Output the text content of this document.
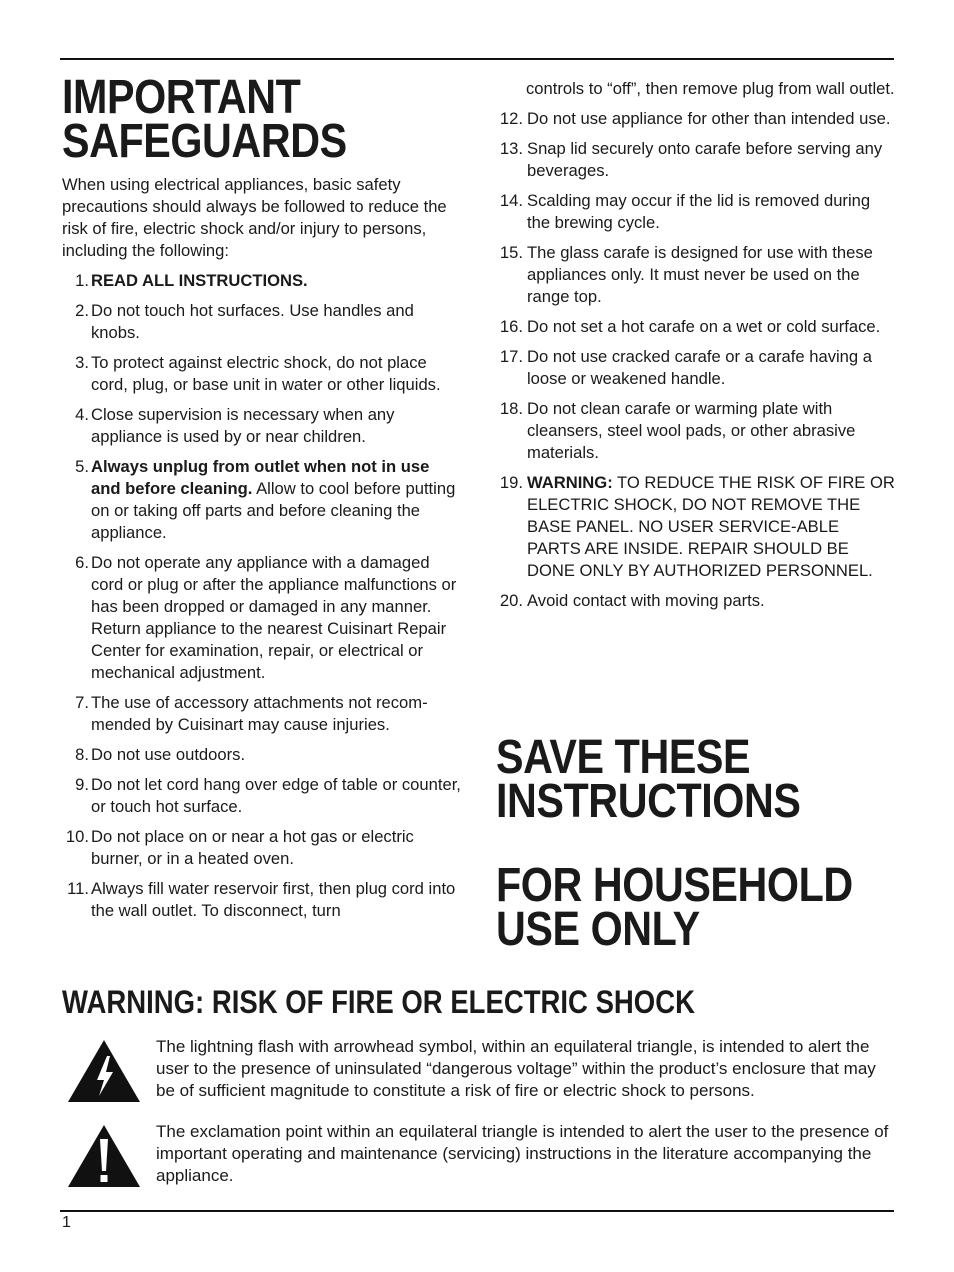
IMPORTANT
SAFEGUARDS
When using electrical appliances, basic safety precautions should always be followed to reduce the risk of fire, electric shock and/or injury to persons, including the following:
1. READ ALL INSTRUCTIONS.
2. Do not touch hot surfaces. Use handles and knobs.
3. To protect against electric shock, do not place cord, plug, or base unit in water or other liquids.
4. Close supervision is necessary when any appliance is used by or near children.
5. Always unplug from outlet when not in use and before cleaning. Allow to cool before putting on or taking off parts and before cleaning the appliance.
6. Do not operate any appliance with a damaged cord or plug or after the appliance malfunctions or has been dropped or damaged in any manner. Return appliance to the nearest Cuisinart Repair Center for examination, repair, or electrical or mechanical adjustment.
7. The use of accessory attachments not recom-mended by Cuisinart may cause injuries.
8. Do not use outdoors.
9. Do not let cord hang over edge of table or counter, or touch hot surface.
10. Do not place on or near a hot gas or electric burner, or in a heated oven.
11. Always fill water reservoir first, then plug cord into the wall outlet. To disconnect, turn
controls to “off”, then remove plug from wall outlet.
12. Do not use appliance for other than intended use.
13. Snap lid securely onto carafe before serving any beverages.
14. Scalding may occur if the lid is removed during the brewing cycle.
15. The glass carafe is designed for use with these appliances only. It must never be used on the range top.
16. Do not set a hot carafe on a wet or cold surface.
17. Do not use cracked carafe or a carafe having a loose or weakened handle.
18. Do not clean carafe or warming plate with cleansers, steel wool pads, or other abrasive materials.
19. WARNING: TO REDUCE THE RISK OF FIRE OR ELECTRIC SHOCK, DO NOT REMOVE THE BASE PANEL. NO USER SERVICE-ABLE PARTS ARE INSIDE. REPAIR SHOULD BE DONE ONLY BY AUTHORIZED PERSONNEL.
20. Avoid contact with moving parts.
SAVE THESE
INSTRUCTIONS
FOR HOUSEHOLD
USE ONLY
WARNING: RISK OF FIRE OR ELECTRIC SHOCK
The lightning flash with arrowhead symbol, within an equilateral triangle, is intended to alert the user to the presence of uninsulated “dangerous voltage” within the product’s enclosure that may be of sufficient magnitude to constitute a risk of fire or electric shock to persons.
The exclamation point within an equilateral triangle is intended to alert the user to the presence of important operating and maintenance (servicing) instructions in the literature accompanying the appliance.
1
